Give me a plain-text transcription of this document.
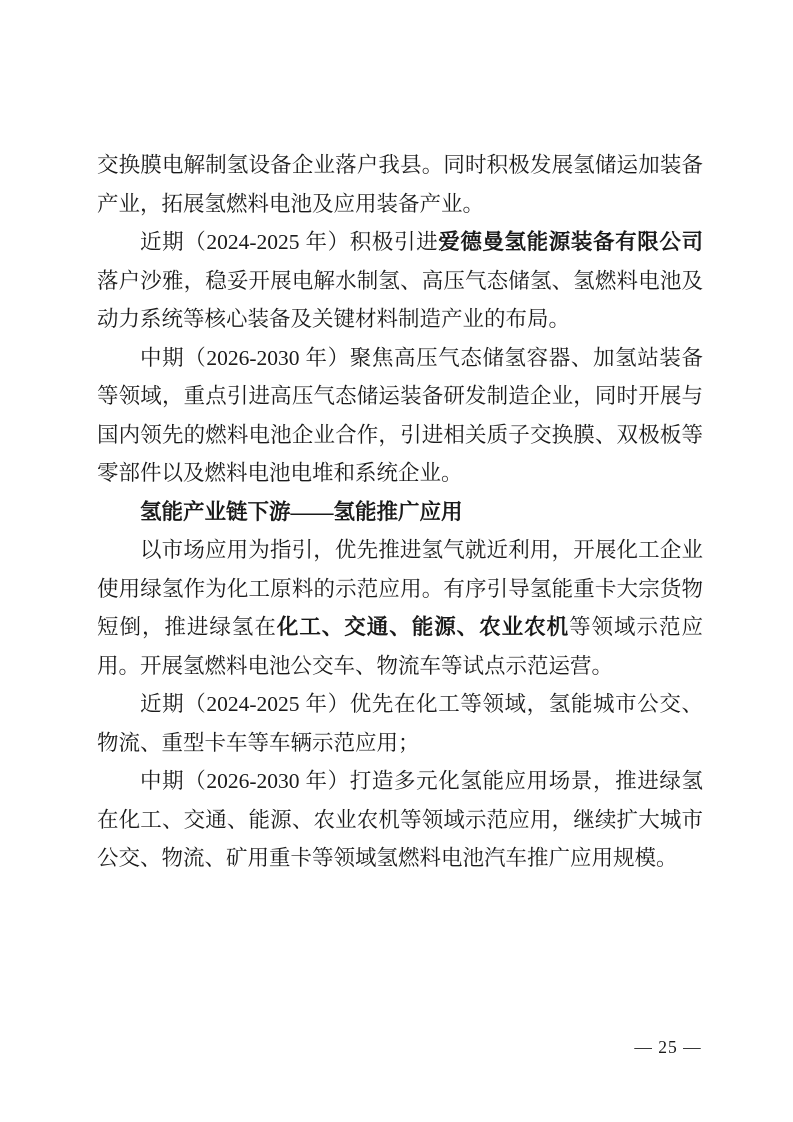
交换膜电解制氢设备企业落户我县。同时积极发展氢储运加装备产业，拓展氢燃料电池及应用装备产业。

近期（2024-2025 年）积极引进爱德曼氢能源装备有限公司落户沙雅，稳妥开展电解水制氢、高压气态储氢、氢燃料电池及动力系统等核心装备及关键材料制造产业的布局。

中期（2026-2030 年）聚焦高压气态储氢容器、加氢站装备等领域，重点引进高压气态储运装备研发制造企业，同时开展与国内领先的燃料电池企业合作，引进相关质子交换膜、双极板等零部件以及燃料电池电堆和系统企业。

氢能产业链下游——氢能推广应用

以市场应用为指引，优先推进氢气就近利用，开展化工企业使用绿氢作为化工原料的示范应用。有序引导氢能重卡大宗货物短倒，推进绿氢在化工、交通、能源、农业农机等领域示范应用。开展氢燃料电池公交车、物流车等试点示范运营。

近期（2024-2025 年）优先在化工等领域，氢能城市公交、物流、重型卡车等车辆示范应用；

中期（2026-2030 年）打造多元化氢能应用场景，推进绿氢在化工、交通、能源、农业农机等领域示范应用，继续扩大城市公交、物流、矿用重卡等领域氢燃料电池汽车推广应用规模。

— 25 —
